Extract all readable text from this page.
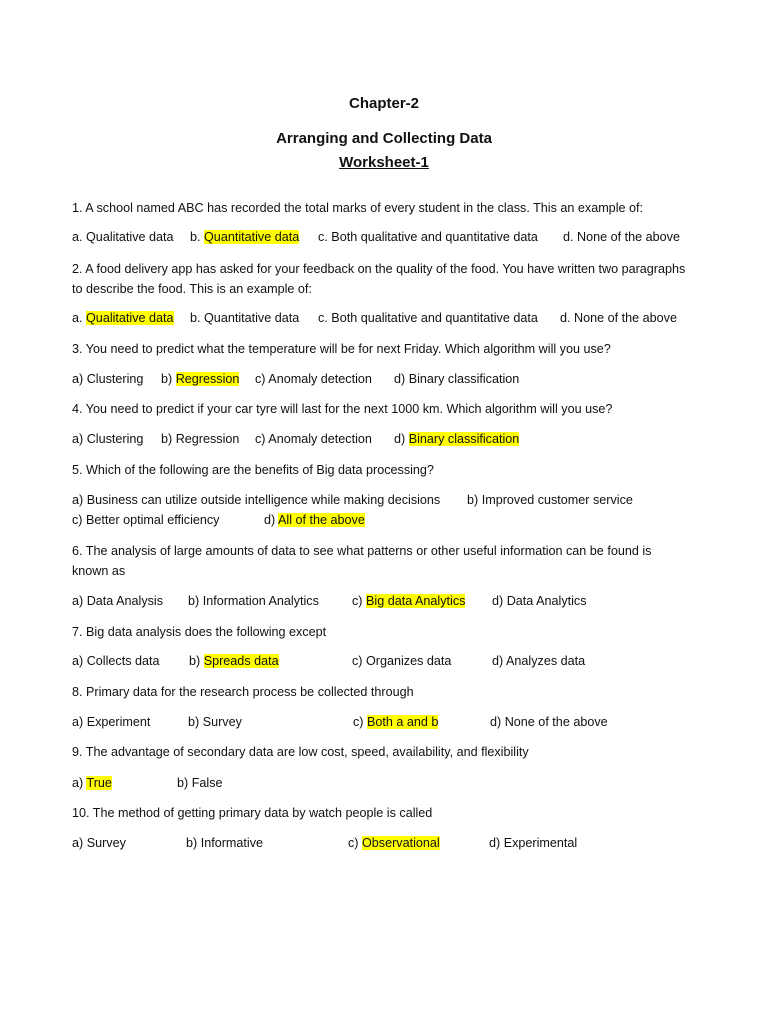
Chapter-2
Arranging and Collecting Data
Worksheet-1
1. A school named ABC has recorded the total marks of every student in the class. This an example of:
a. Qualitative data b. Quantitative data c. Both qualitative and quantitative data d. None of the above
2. A food delivery app has asked for your feedback on the quality of the food. You have written two paragraphs
to describe the food. This is an example of:
a. Qualitative data b. Quantitative data c. Both qualitative and quantitative data d. None of the above
3. You need to predict what the temperature will be for next Friday. Which algorithm will you use?
a) Clustering b) Regression c) Anomaly detection d) Binary classification
4. You need to predict if your car tyre will last for the next 1000 km. Which algorithm will you use?
a) Clustering b) Regression c) Anomaly detection d) Binary classification
5. Which of the following are the benefits of Big data processing?
a) Business can utilize outside intelligence while making decisions b) Improved customer service
c) Better optimal efficiency	d) All of the above
6. The analysis of large amounts of data to see what patterns or other useful information can be found is
known as
a) Data Analysis b) Information Analytics	c) Big data Analytics d) Data Analytics
7. Big data analysis does the following except
a) Collects data b) Spreads data	c) Organizes data	d) Analyzes data
8. Primary data for the research process be collected through
a) Experiment	b) Survey	c) Both a and b	d) None of the above
9. The advantage of secondary data are low cost, speed, availability, and flexibility
a) True	b) False
10. The method of getting primary data by watch people is called
a) Survey	b) Informative	c) Observational	d) Experimental
